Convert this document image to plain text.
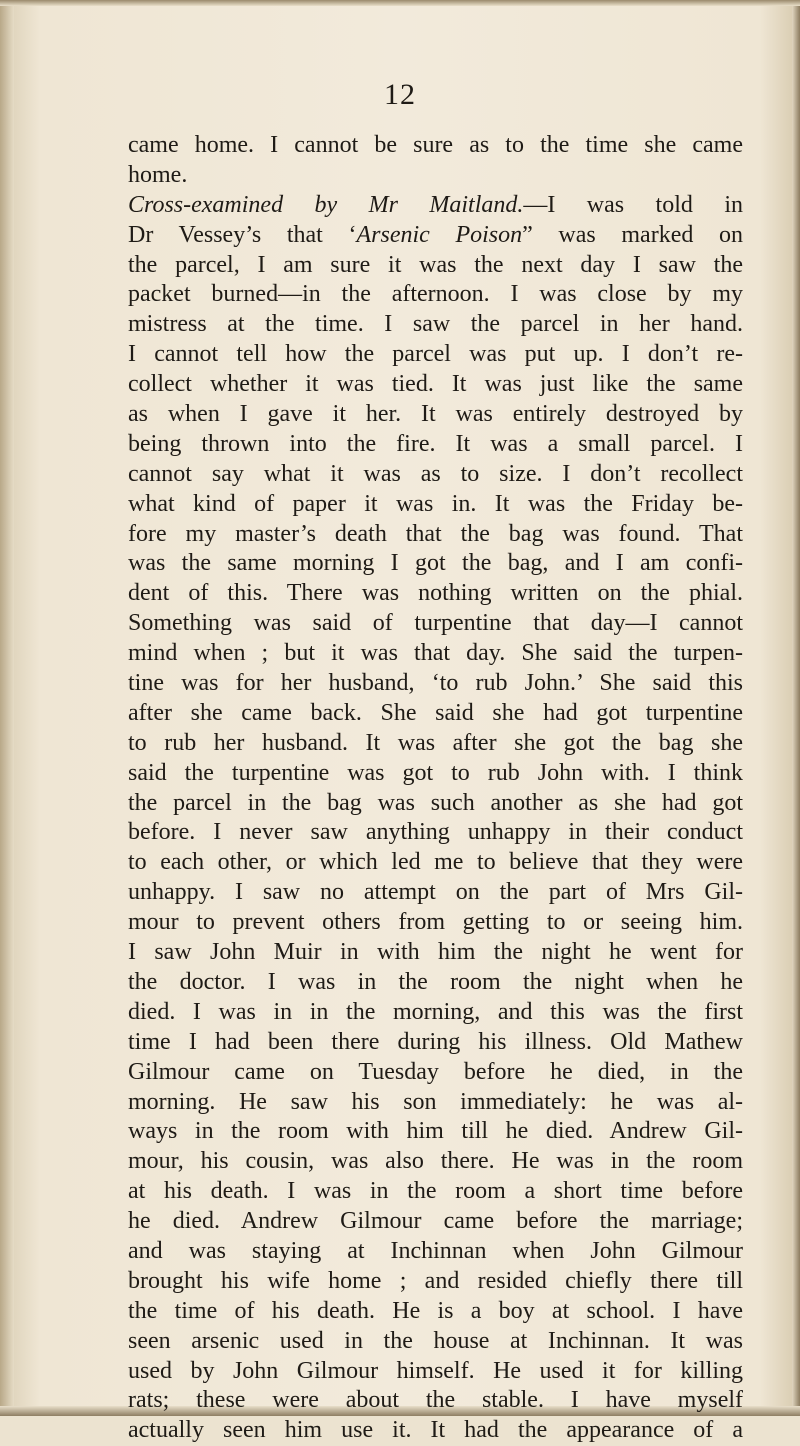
12
came home. I cannot be sure as to the time she came
home.
Cross-examined by Mr Maitland.—I was told in
Dr Vessey’s that ‘Arsenic Poison” was marked on
the parcel, I am sure it was the next day I saw the
packet burned—in the afternoon. I was close by my
mistress at the time. I saw the parcel in her hand.
I cannot tell how the parcel was put up. I don’t re-
collect whether it was tied. It was just like the same
as when I gave it her. It was entirely destroyed by
being thrown into the fire. It was a small parcel. I
cannot say what it was as to size. I don’t recollect
what kind of paper it was in. It was the Friday be-
fore my master’s death that the bag was found. That
was the same morning I got the bag, and I am confi-
dent of this. There was nothing written on the phial.
Something was said of turpentine that day—I cannot
mind when ; but it was that day. She said the turpen-
tine was for her husband, ‘to rub John.’ She said this
after she came back. She said she had got turpentine
to rub her husband. It was after she got the bag she
said the turpentine was got to rub John with. I think
the parcel in the bag was such another as she had got
before. I never saw anything unhappy in their conduct
to each other, or which led me to believe that they were
unhappy. I saw no attempt on the part of Mrs Gil-
mour to prevent others from getting to or seeing him.
I saw John Muir in with him the night he went for
the doctor. I was in the room the night when he
died. I was in in the morning, and this was the first
time I had been there during his illness. Old Mathew
Gilmour came on Tuesday before he died, in the
morning. He saw his son immediately: he was al-
ways in the room with him till he died. Andrew Gil-
mour, his cousin, was also there. He was in the room
at his death. I was in the room a short time before
he died. Andrew Gilmour came before the marriage;
and was staying at Inchinnan when John Gilmour
brought his wife home ; and resided chiefly there till
the time of his death. He is a boy at school. I have
seen arsenic used in the house at Inchinnan. It was
used by John Gilmour himself. He used it for killing
rats; these were about the stable. I have myself
actually seen him use it. It had the appearance of a
